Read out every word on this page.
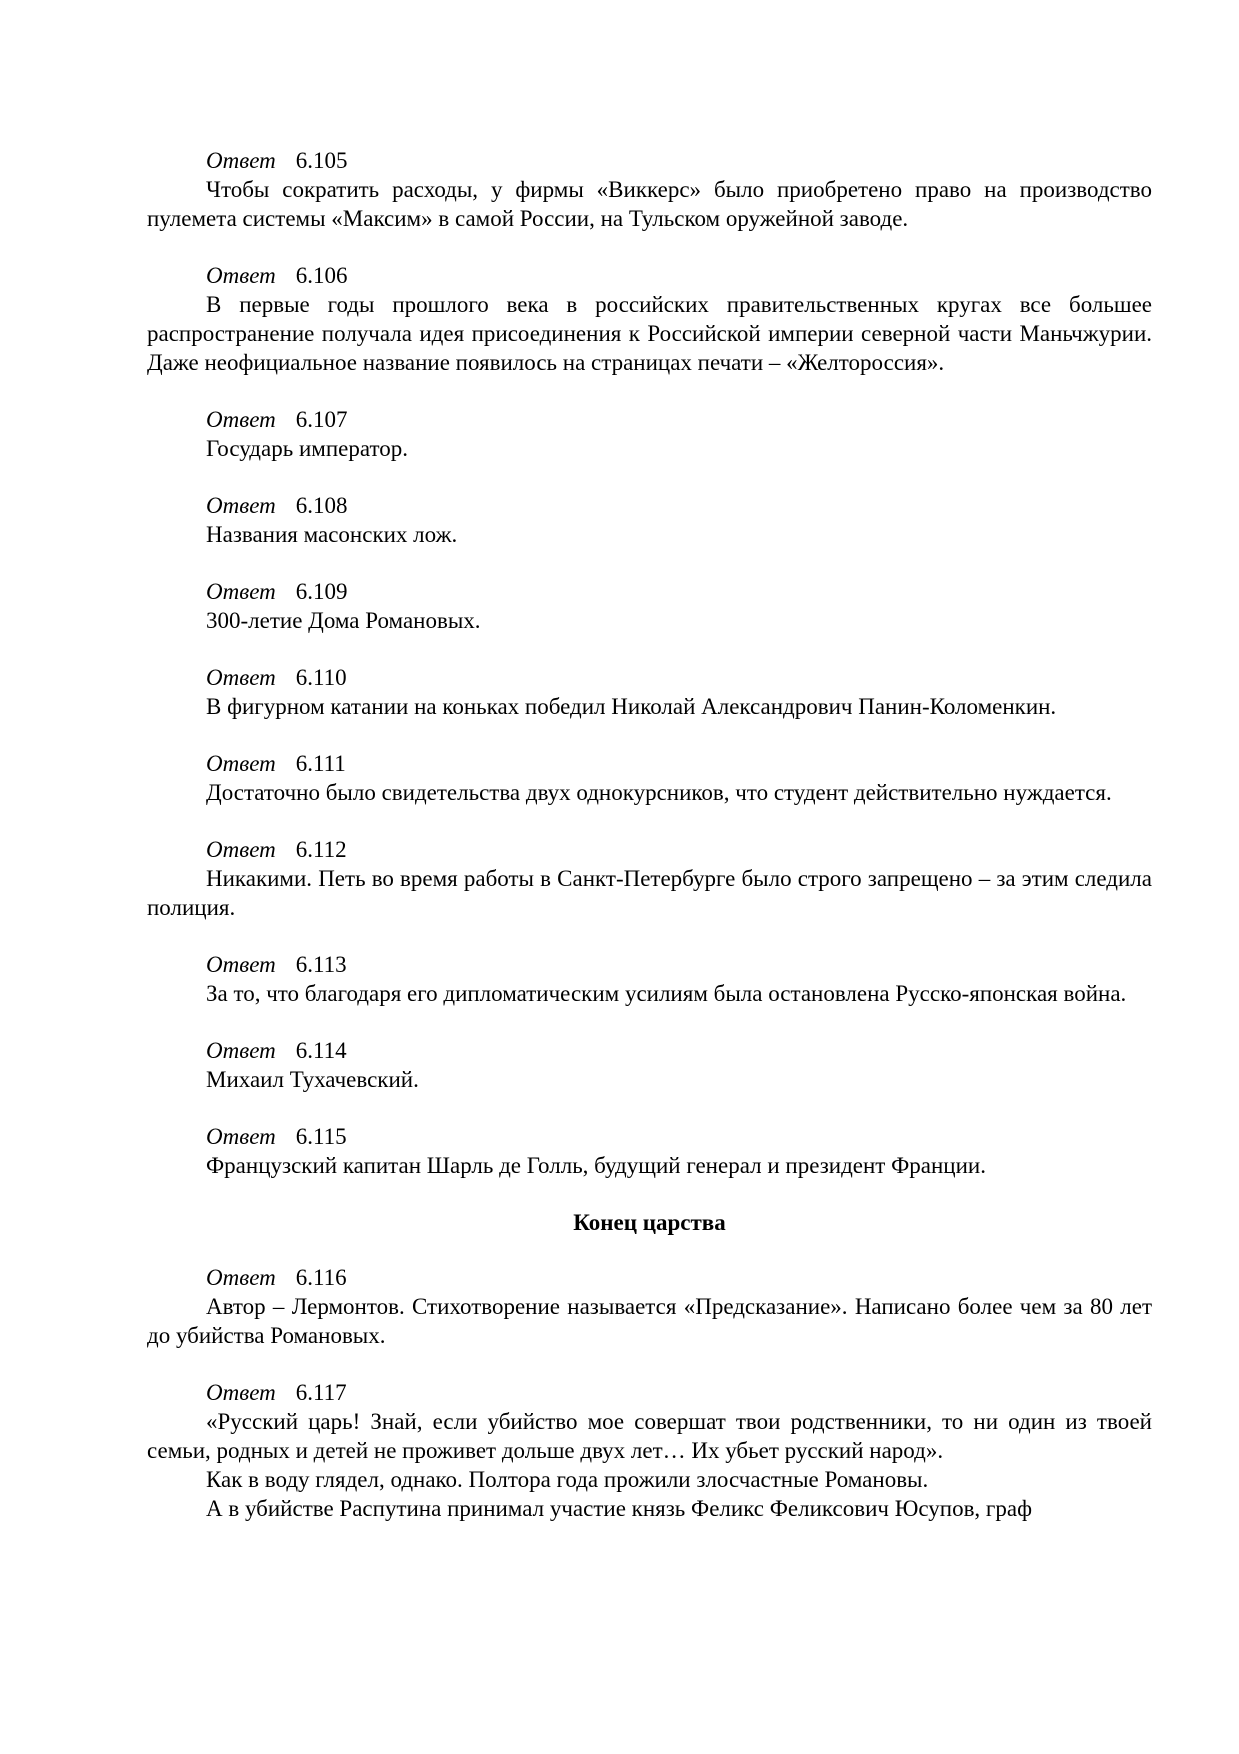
Ответ 6.105

Чтобы сократить расходы, у фирмы «Виккерс» было приобретено право на производство пулемета системы «Максим» в самой России, на Тульском оружейной заводе.

Ответ 6.106

В первые годы прошлого века в российских правительственных кругах все большее распространение получала идея присоединения к Российской империи северной части Маньчжурии. Даже неофициальное название появилось на страницах печати – «Желтороссия».

Ответ 6.107

Государь император.

Ответ 6.108

Названия масонских лож.

Ответ 6.109

300-летие Дома Романовых.

Ответ 6.110

В фигурном катании на коньках победил Николай Александрович Панин-Коломенкин.

Ответ 6.111

Достаточно было свидетельства двух однокурсников, что студент действительно нуждается.

Ответ 6.112

Никакими. Петь во время работы в Санкт-Петербурге было строго запрещено – за этим следила полиция.

Ответ 6.113

За то, что благодаря его дипломатическим усилиям была остановлена Русско-японская война.

Ответ 6.114

Михаил Тухачевский.

Ответ 6.115

Французский капитан Шарль де Голль, будущий генерал и президент Франции.

Конец царства
Ответ 6.116

Автор – Лермонтов. Стихотворение называется «Предсказание». Написано более чем за 80 лет до убийства Романовых.

Ответ 6.117

«Русский царь! Знай, если убийство мое совершат твои родственники, то ни один из твоей семьи, родных и детей не проживет дольше двух лет… Их убьет русский народ».

Как в воду глядел, однако. Полтора года прожили злосчастные Романовы.

А в убийстве Распутина принимал участие князь Феликс Феликсович Юсупов, граф
